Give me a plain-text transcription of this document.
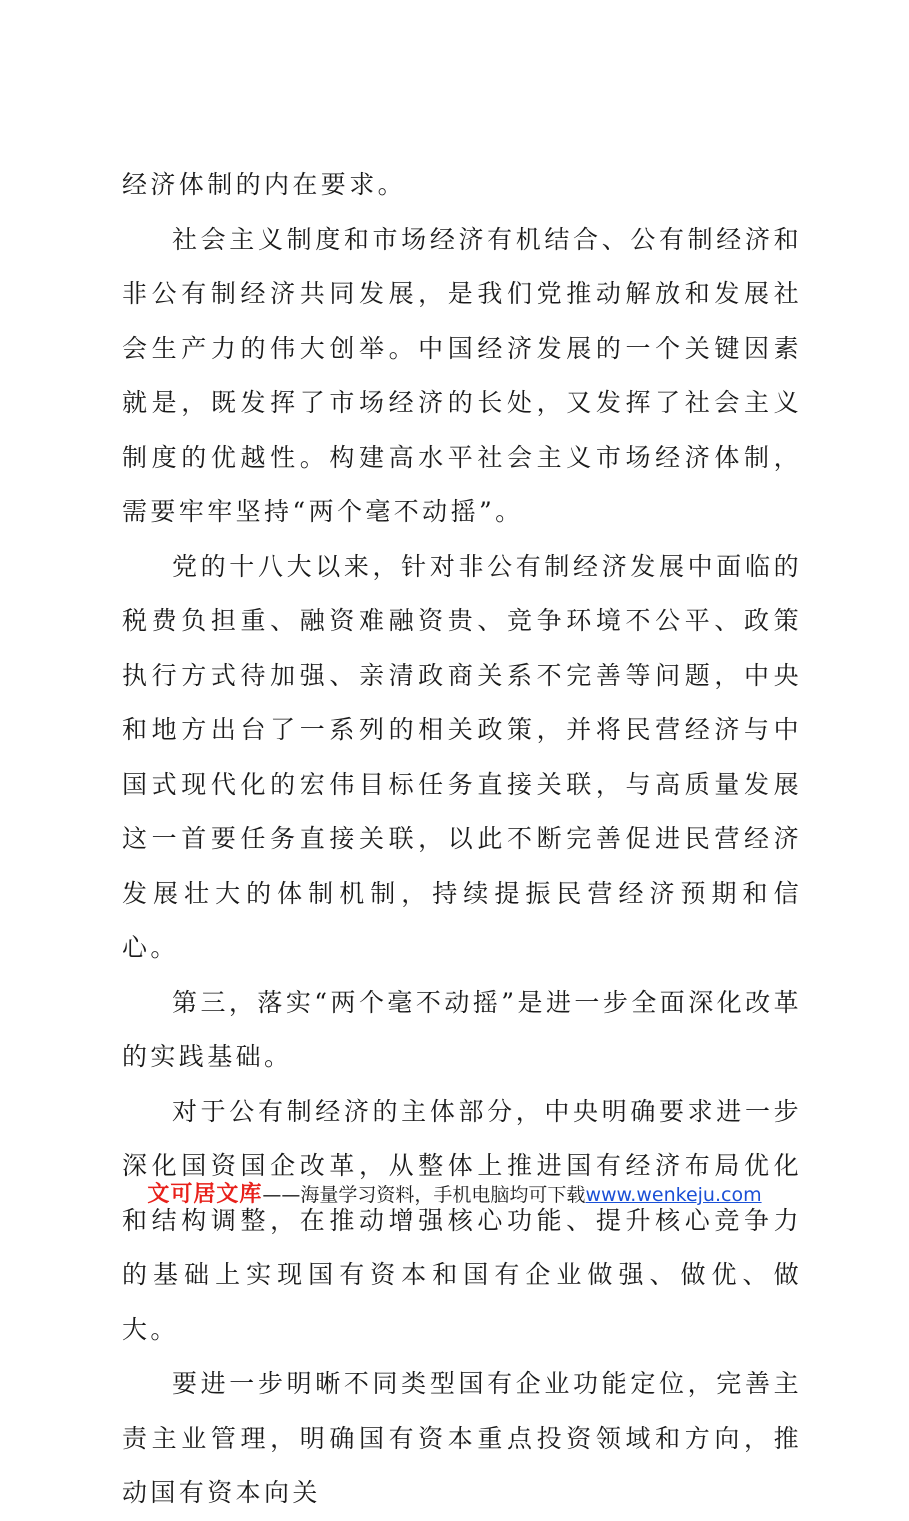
经济体制的内在要求。

社会主义制度和市场经济有机结合、公有制经济和非公有制经济共同发展，是我们党推动解放和发展社会生产力的伟大创举。中国经济发展的一个关键因素就是，既发挥了市场经济的长处，又发挥了社会主义制度的优越性。构建高水平社会主义市场经济体制，需要牢牢坚持“两个毫不动摇”。

党的十八大以来，针对非公有制经济发展中面临的税费负担重、融资难融资贵、竞争环境不公平、政策执行方式待加强、亲清政商关系不完善等问题，中央和地方出台了一系列的相关政策，并将民营经济与中国式现代化的宏伟目标任务直接关联，与高质量发展这一首要任务直接关联，以此不断完善促进民营经济发展壮大的体制机制，持续提振民营经济预期和信心。

第三，落实“两个毫不动摇”是进一步全面深化改革的实践基础。

对于公有制经济的主体部分，中央明确要求进一步深化国资国企改革，从整体上推进国有经济布局优化和结构调整，在推动增强核心功能、提升核心竞争力的基础上实现国有资本和国有企业做强、做优、做大。

要进一步明晰不同类型国有企业功能定位，完善主责主业管理，明确国有资本重点投资领域和方向，推动国有资本向关

文可居文库——海量学习资料，手机电脑均可下载www.wenkeju.com
